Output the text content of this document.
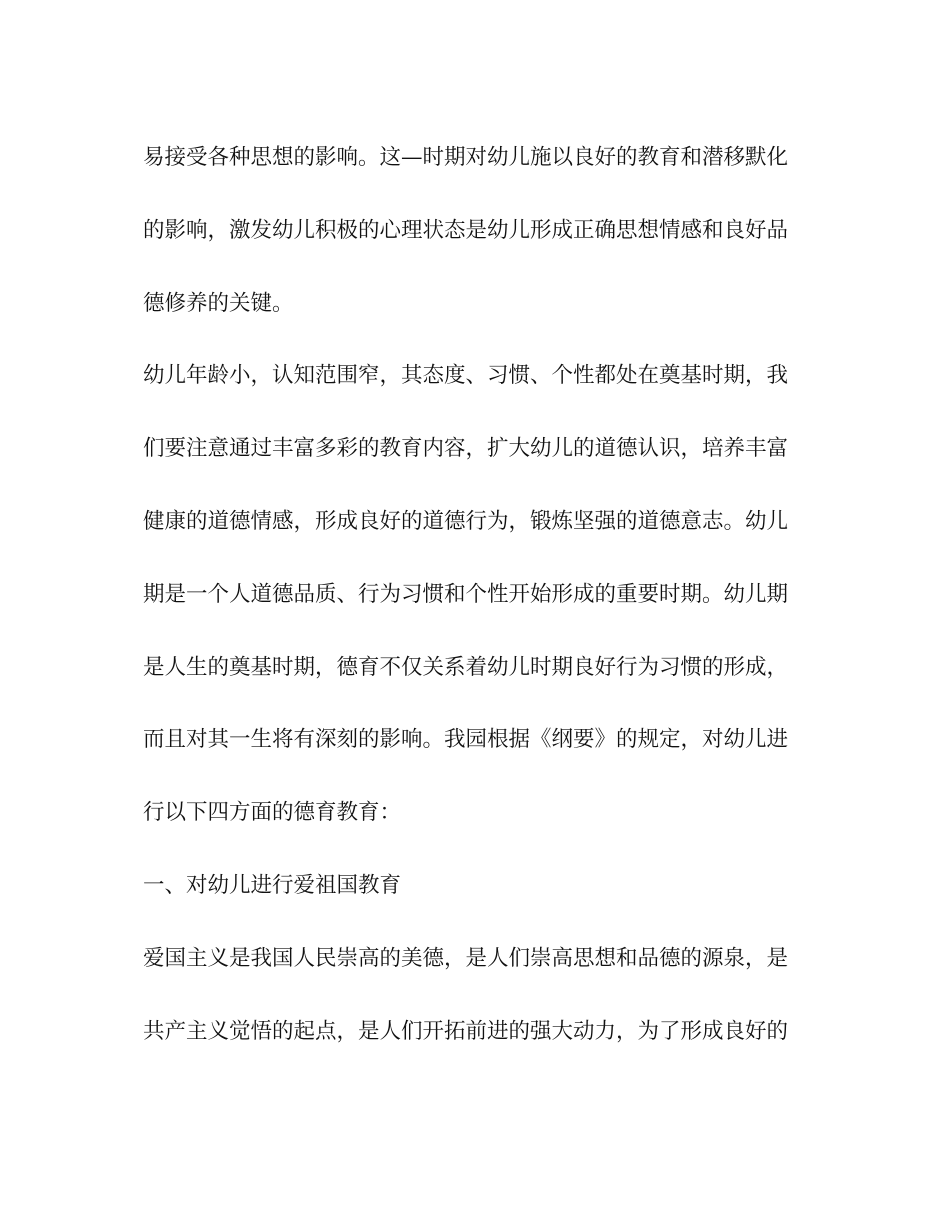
易接受各种思想的影响。这—时期对幼儿施以良好的教育和潜移默化
的影响，激发幼儿积极的心理状态是幼儿形成正确思想情感和良好品
德修养的关键。
幼儿年龄小，认知范围窄，其态度、习惯、个性都处在奠基时期，我
们要注意通过丰富多彩的教育内容，扩大幼儿的道德认识，培养丰富
健康的道德情感，形成良好的道德行为，锻炼坚强的道德意志。幼儿
期是一个人道德品质、行为习惯和个性开始形成的重要时期。幼儿期
是人生的奠基时期，德育不仅关系着幼儿时期良好行为习惯的形成，
而且对其一生将有深刻的影响。我园根据《纲要》的规定，对幼儿进
行以下四方面的德育教育：
一、对幼儿进行爱祖国教育
爱国主义是我国人民崇高的美德，是人们崇高思想和品德的源泉，是
共产主义觉悟的起点，是人们开拓前进的强大动力，为了形成良好的
